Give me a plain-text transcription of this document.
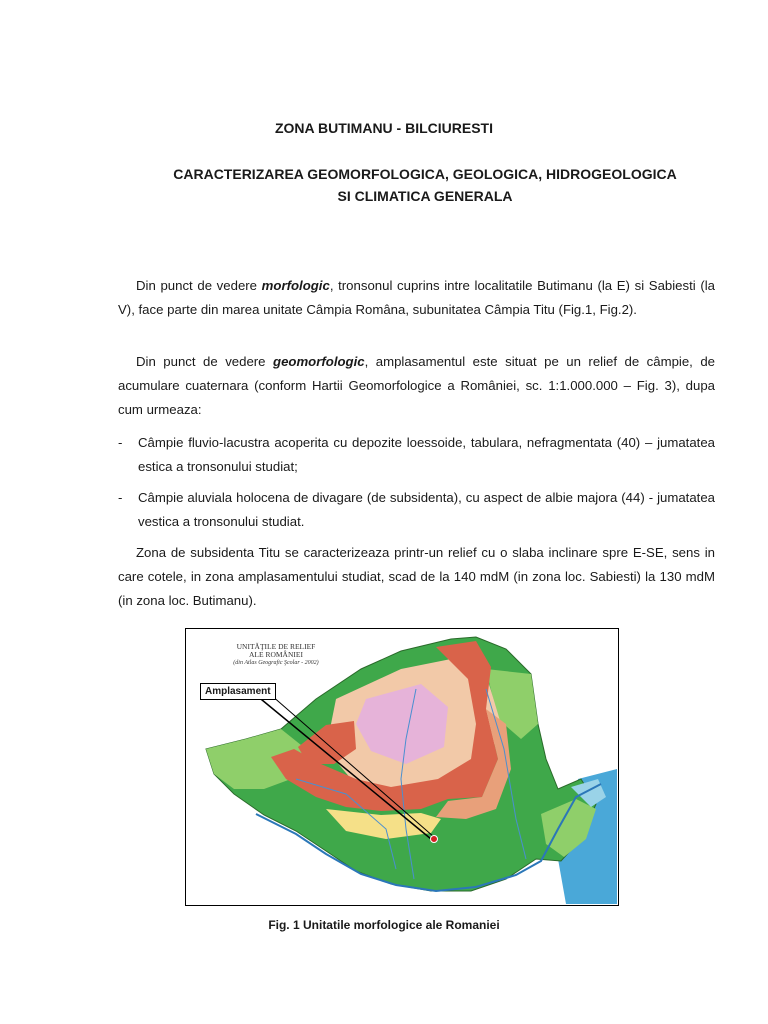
ZONA BUTIMANU - BILCIURESTI
CARACTERIZAREA GEOMORFOLOGICA, GEOLOGICA, HIDROGEOLOGICA
SI CLIMATICA GENERALA
Din punct de vedere morfologic, tronsonul cuprins intre localitatile Butimanu (la E) si Sabiesti (la V), face parte din marea unitate Câmpia Româna, subunitatea Câmpia Titu (Fig.1, Fig.2).
Din punct de vedere geomorfologic, amplasamentul este situat pe un relief de câmpie, de acumulare cuaternara (conform Hartii Geomorfologice a României, sc. 1:1.000.000 – Fig. 3), dupa cum urmeaza:
- Câmpie fluvio-lacustra acoperita cu depozite loessoide, tabulara, nefragmentata (40) – jumatatea estica a tronsonului studiat;
- Câmpie aluviala holocena de divagare (de subsidenta), cu aspect de albie majora (44) - jumatatea vestica a tronsonului studiat.
Zona de subsidenta Titu se caracterizeaza printr-un relief cu o slaba inclinare spre E-SE, sens in care cotele, in zona amplasamentului studiat, scad de la 140 mdM (in zona loc. Sabiesti) la 130 mdM (in zona loc. Butimanu).
UNITĂŢILE DE RELIEF
ALE ROMÂNIEI
(din Atlas Geografic Şcolar - 2002)
Amplasament
Fig. 1 Unitatile morfologice ale Romaniei
